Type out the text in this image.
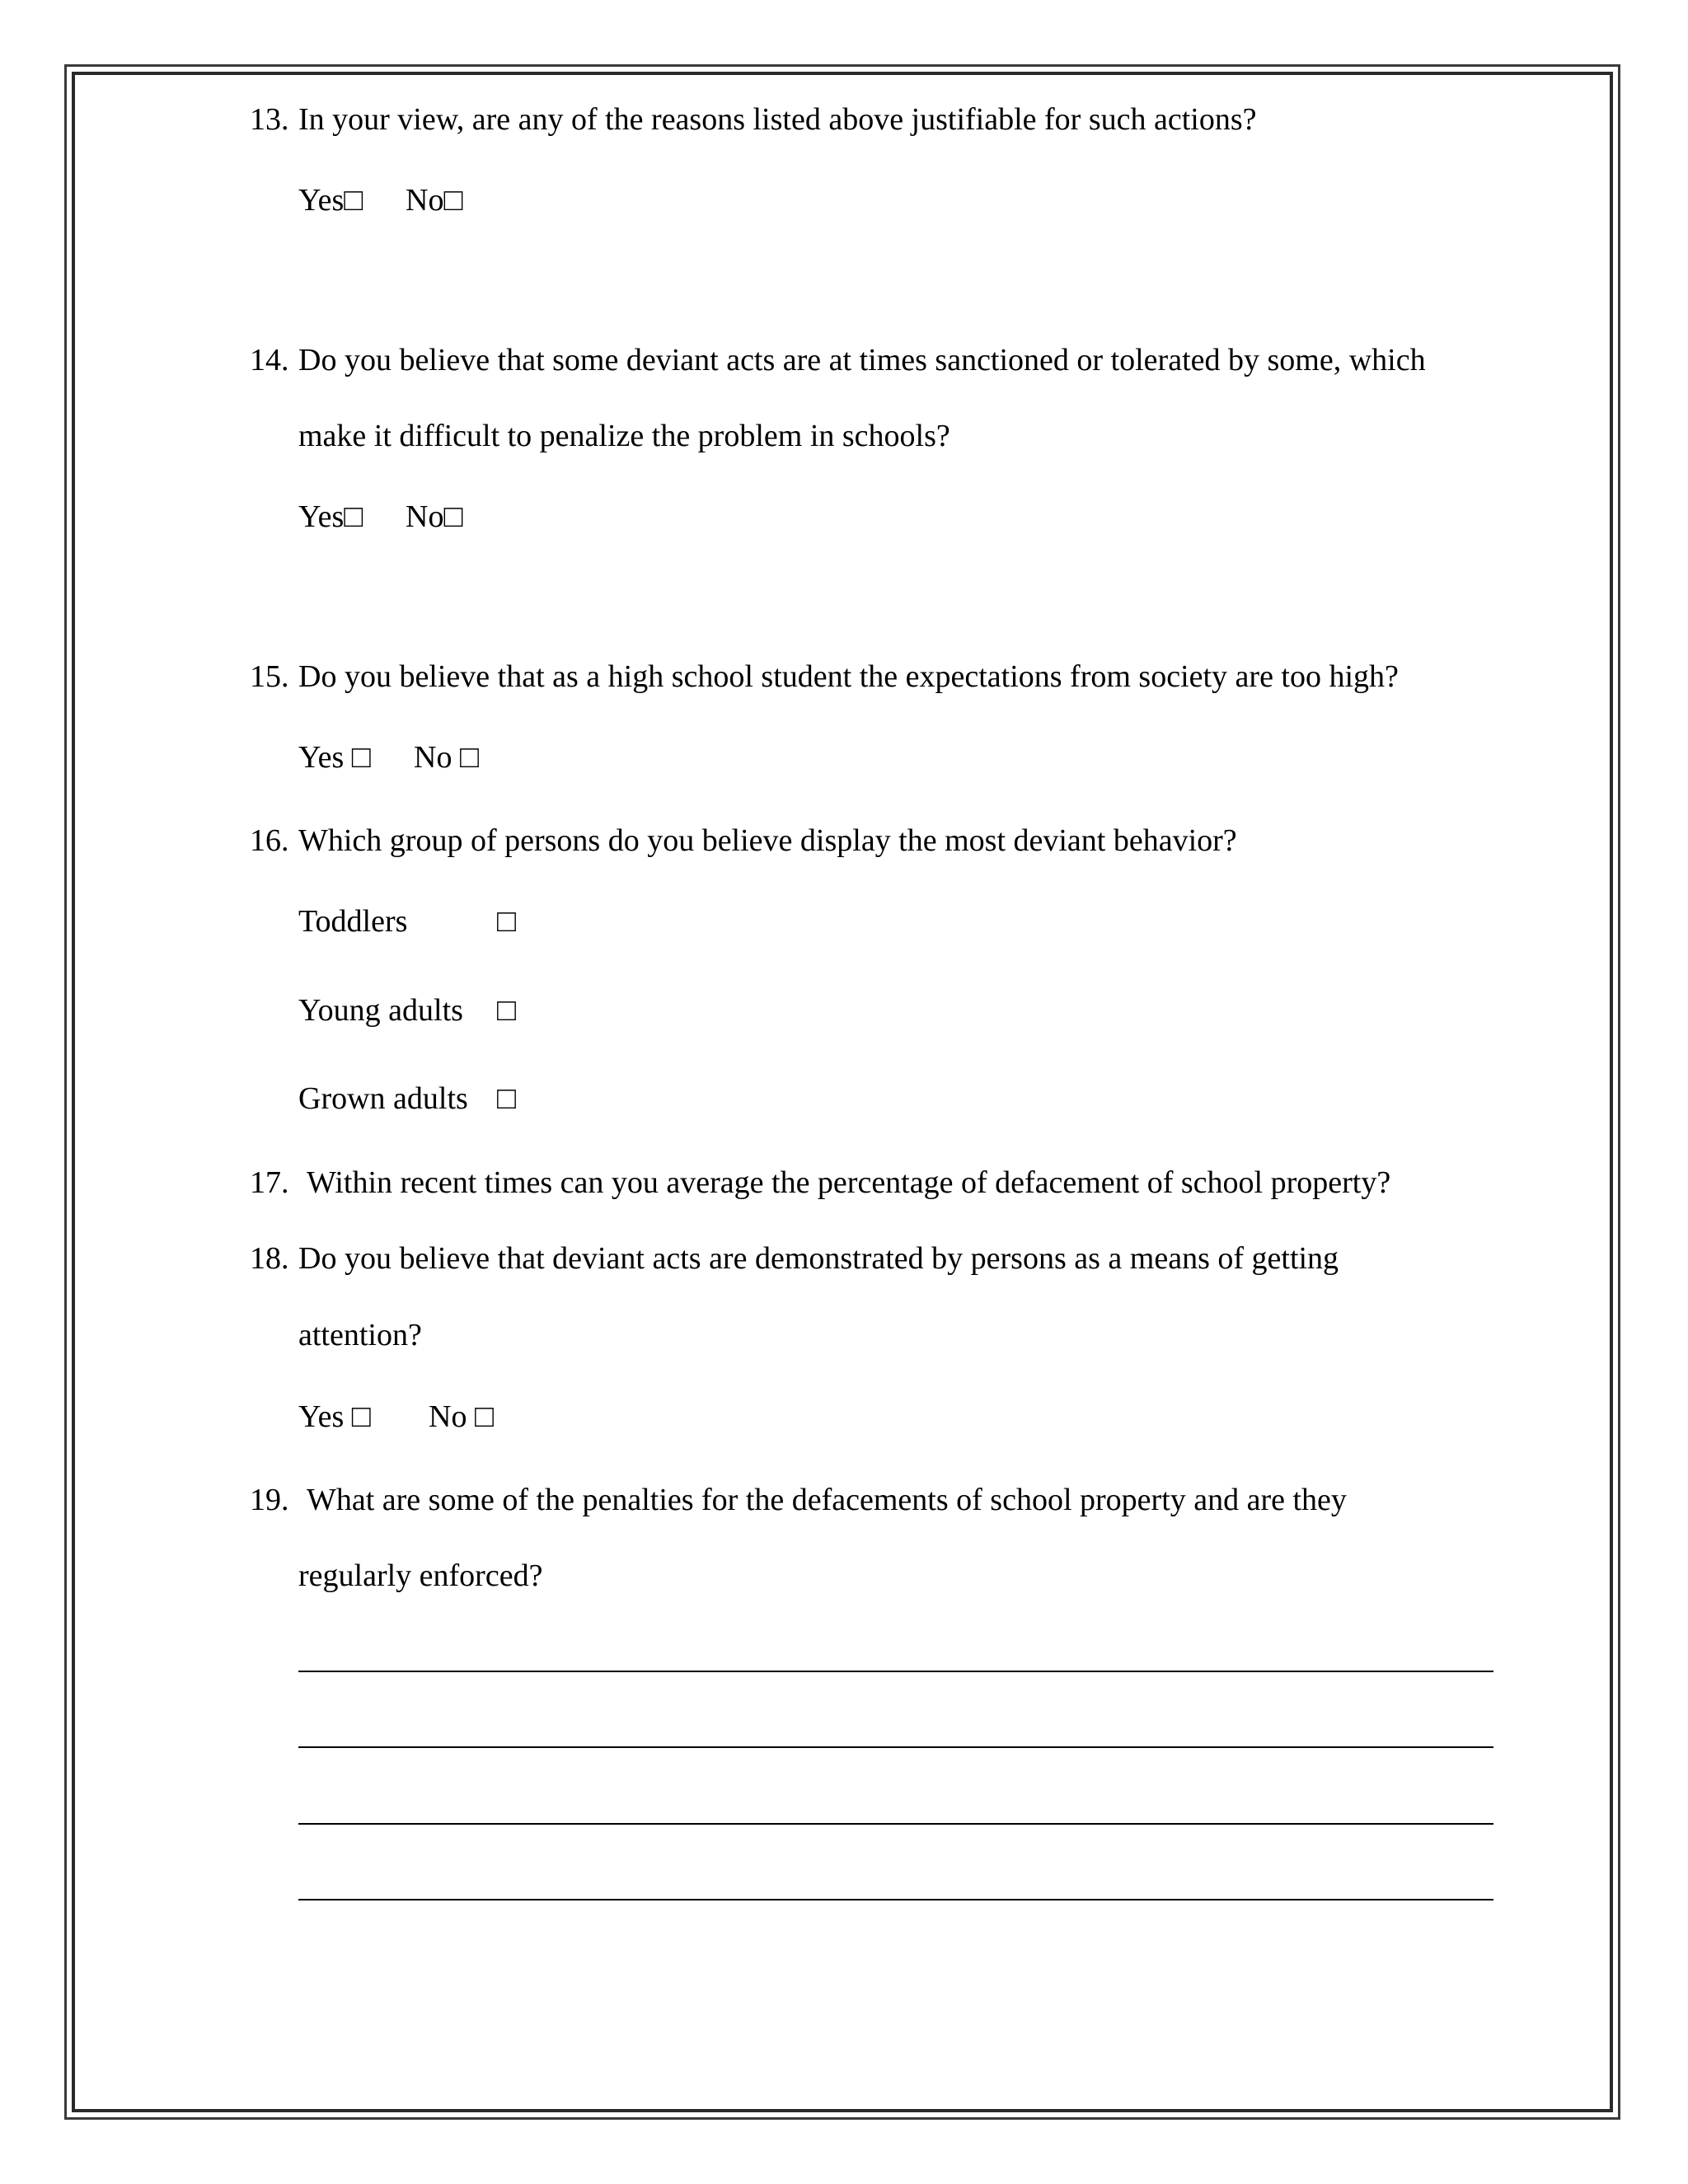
13. In your view, are any of the reasons listed above justifiable for such actions?
Yes□ No□
14. Do you believe that some deviant acts are at times sanctioned or tolerated by some, which
make it difficult to penalize the problem in schools?
Yes□ No□
15. Do you believe that as a high school student the expectations from society are too high?
Yes □ No □
16. Which group of persons do you believe display the most deviant behavior?
Toddlers	□
Young adults □
Grown adults □
17. Within recent times can you average the percentage of defacement of school property?
18. Do you believe that deviant acts are demonstrated by persons as a means of getting
attention?
Yes □ No □
19. What are some of the penalties for the defacements of school property and are they
regularly enforced?
